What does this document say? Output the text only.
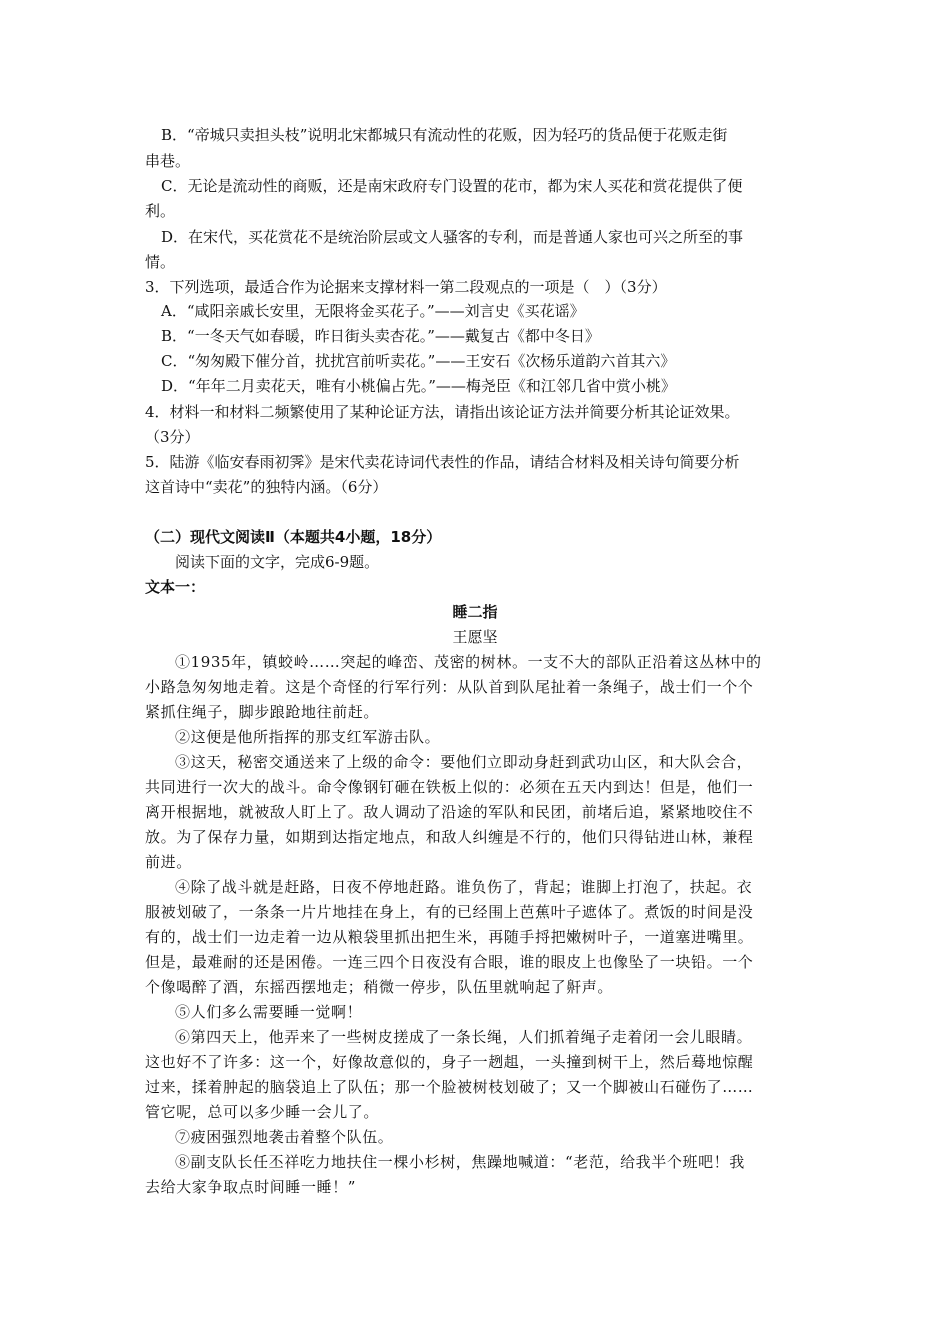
B．“帝城只卖担头枝”说明北宋都城只有流动性的花贩，因为轻巧的货品便于花贩走街
串巷。
C．无论是流动性的商贩，还是南宋政府专门设置的花市，都为宋人买花和赏花提供了便
利。
D．在宋代，买花赏花不是统治阶层或文人骚客的专利，而是普通人家也可兴之所至的事
情。
3．下列选项，最适合作为论据来支撑材料一第二段观点的一项是（　）（3分）
A．“咸阳亲戚长安里，无限将金买花子。”——刘言史《买花谣》
B．“一冬天气如春暖，昨日街头卖杏花。”——戴复古《都中冬日》
C．“匆匆殿下催分首，扰扰宫前听卖花。”——王安石《次杨乐道韵六首其六》
D．“年年二月卖花天，唯有小桃偏占先。”——梅尧臣《和江邻几省中赏小桃》
4．材料一和材料二频繁使用了某种论证方法，请指出该论证方法并简要分析其论证效果。
（3分）
5．陆游《临安春雨初霁》是宋代卖花诗词代表性的作品，请结合材料及相关诗句简要分析
这首诗中“卖花”的独特内涵。（6分）
（二）现代文阅读Ⅱ（本题共4小题，18分）
阅读下面的文字，完成6-9题。
文本一：
睡二指
王愿坚
①1935年，镇蛟岭……突起的峰峦、茂密的树林。一支不大的部队正沿着这丛林中的
小路急匆匆地走着。这是个奇怪的行军行列：从队首到队尾扯着一条绳子，战士们一个个
紧抓住绳子，脚步踉跄地往前赶。
②这便是他所指挥的那支红军游击队。
③这天，秘密交通送来了上级的命令：要他们立即动身赶到武功山区，和大队会合，
共同进行一次大的战斗。命令像钢钉砸在铁板上似的：必须在五天内到达！但是，他们一
离开根据地，就被敌人盯上了。敌人调动了沿途的军队和民团，前堵后追，紧紧地咬住不
放。为了保存力量，如期到达指定地点，和敌人纠缠是不行的，他们只得钻进山林，兼程
前进。
④除了战斗就是赶路，日夜不停地赶路。谁负伤了，背起；谁脚上打泡了，扶起。衣
服被划破了，一条条一片片地挂在身上，有的已经围上芭蕉叶子遮体了。煮饭的时间是没
有的，战士们一边走着一边从粮袋里抓出把生米，再随手捋把嫩树叶子，一道塞进嘴里。
但是，最难耐的还是困倦。一连三四个日夜没有合眼，谁的眼皮上也像坠了一块铅。一个
个像喝醉了酒，东摇西摆地走；稍微一停步，队伍里就响起了鼾声。
⑤人们多么需要睡一觉啊！
⑥第四天上，他弄来了一些树皮搓成了一条长绳，人们抓着绳子走着闭一会儿眼睛。
这也好不了许多：这一个，好像故意似的，身子一趔趄，一头撞到树干上，然后蓦地惊醒
过来，揉着肿起的脑袋追上了队伍；那一个脸被树枝划破了；又一个脚被山石碰伤了……
管它呢，总可以多少睡一会儿了。
⑦疲困强烈地袭击着整个队伍。
⑧副支队长任丕祥吃力地扶住一棵小杉树，焦躁地喊道：“老范，给我半个班吧！我
去给大家争取点时间睡一睡！”
